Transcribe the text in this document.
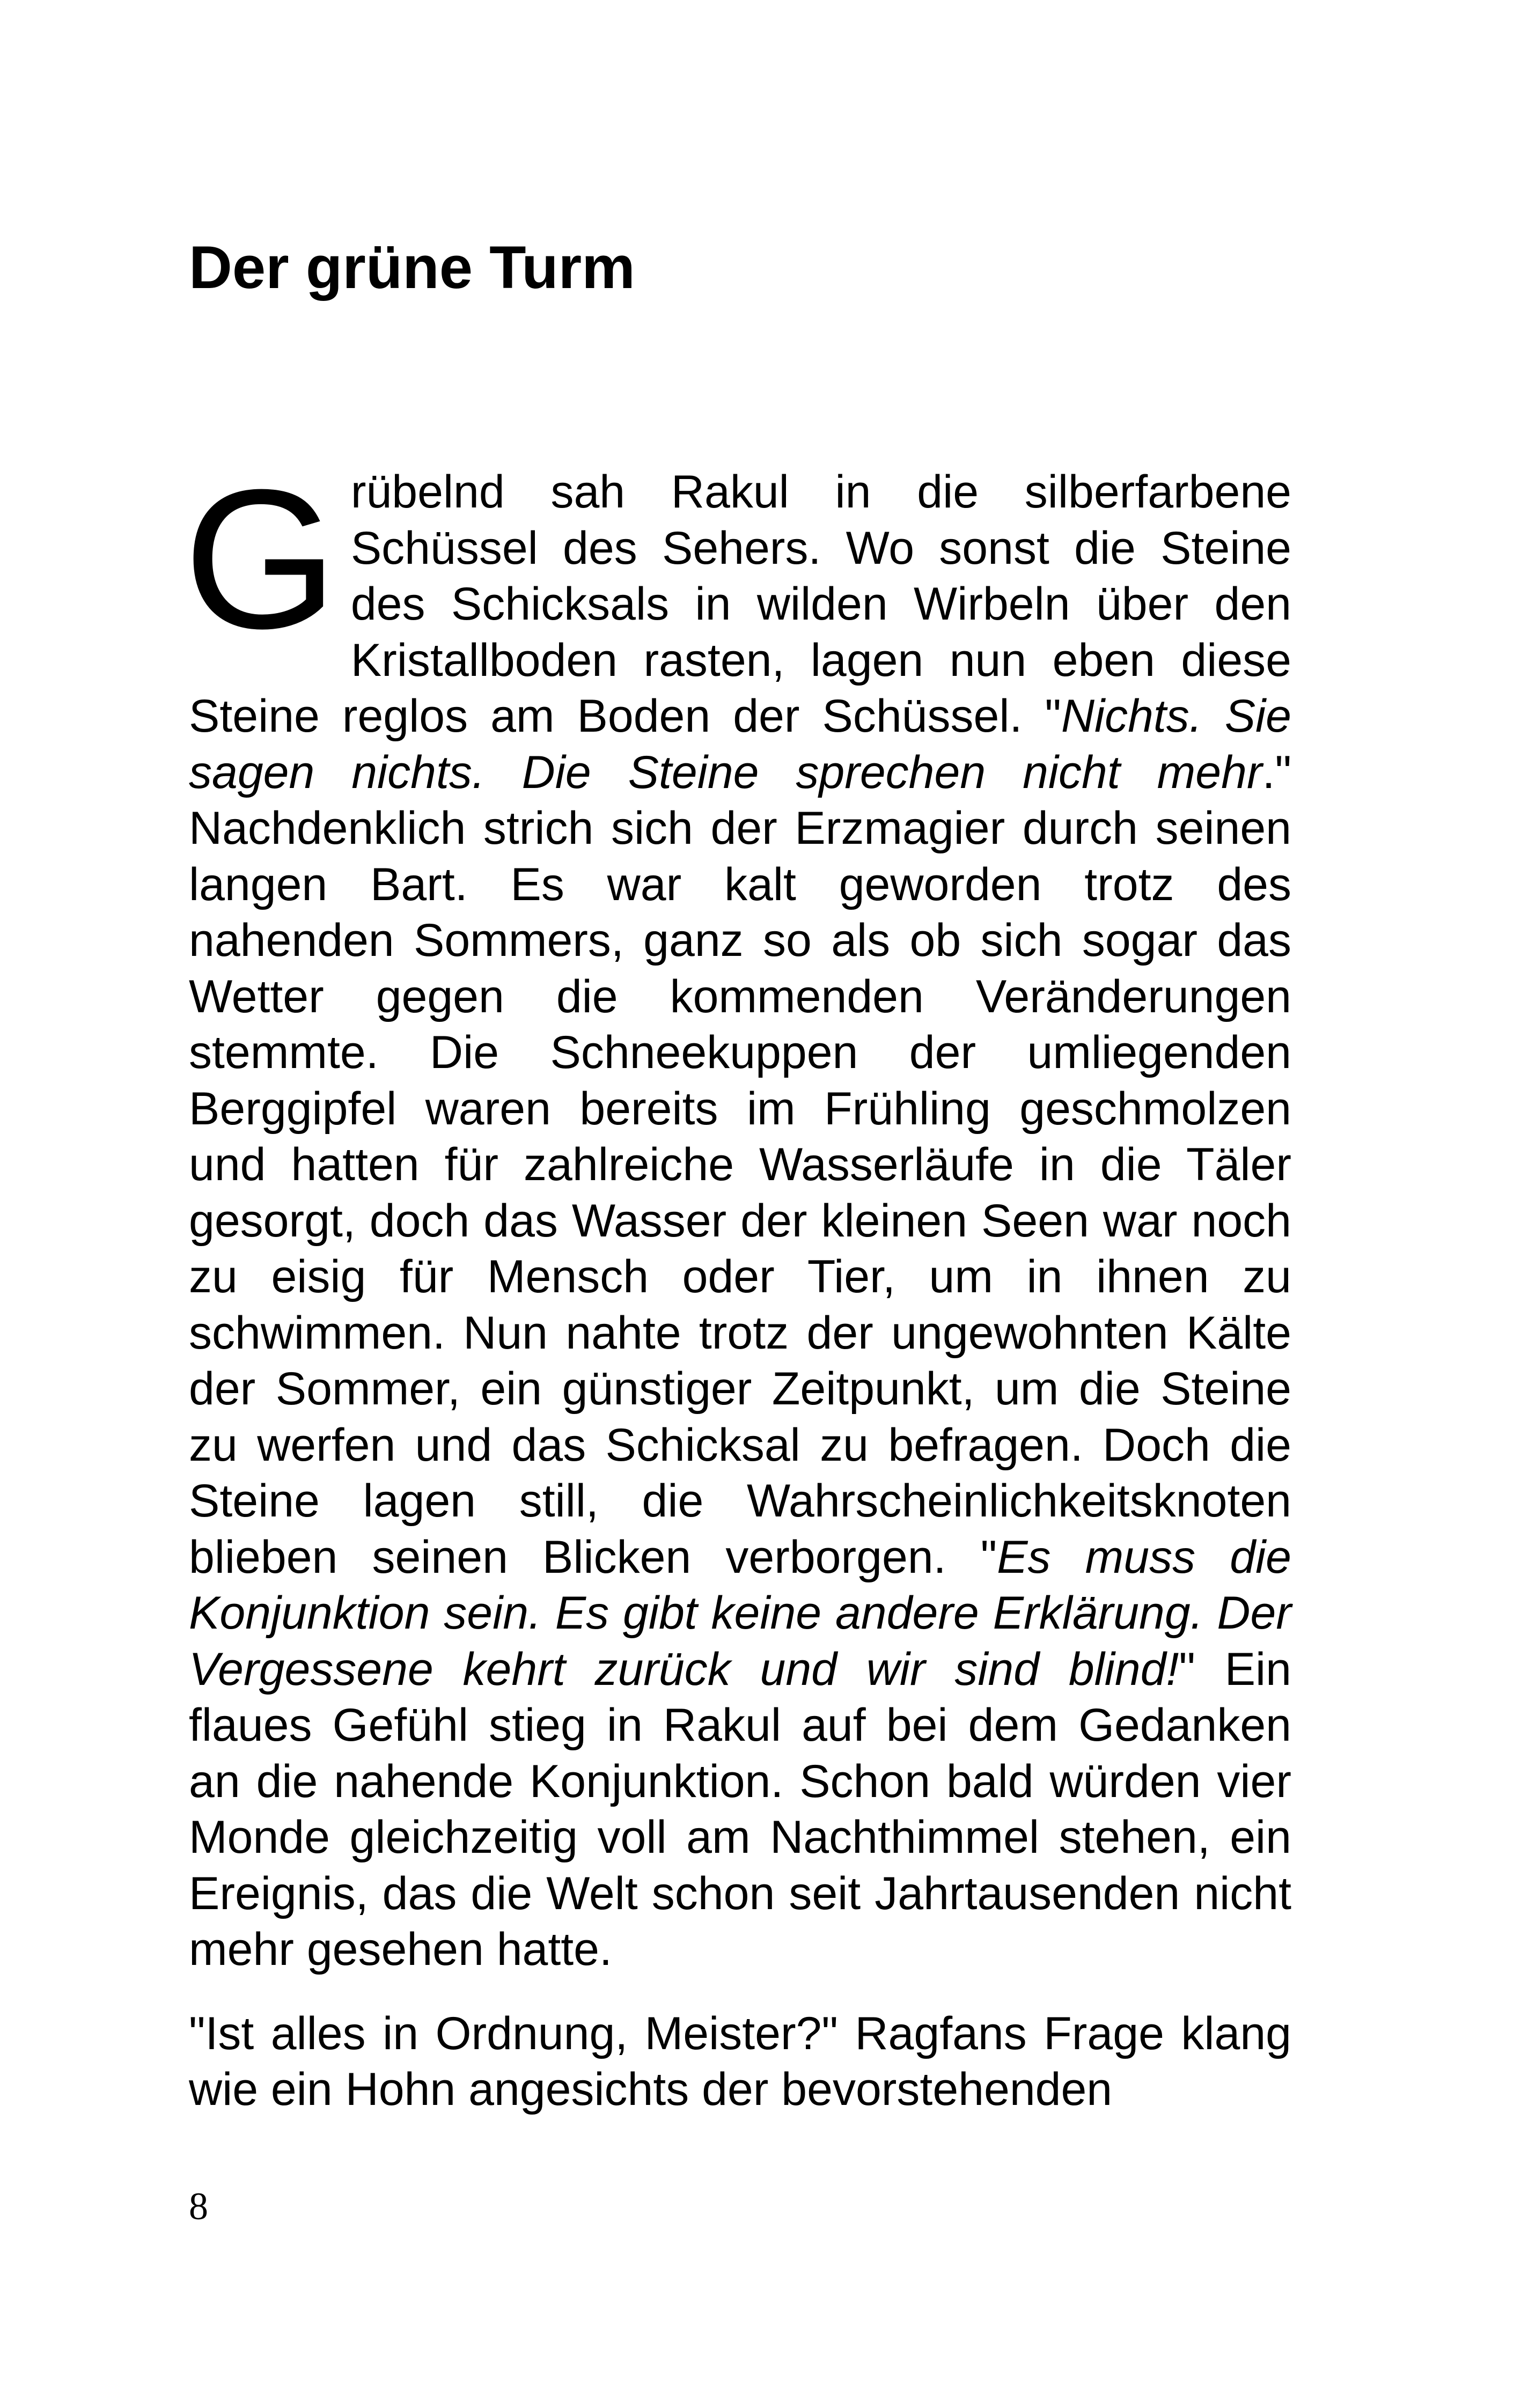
Der grüne Turm

Grübelnd sah Rakul in die silberfarbene Schüssel des Sehers. Wo sonst die Steine des Schicksals in wilden Wirbeln über den Kristallboden rasten, lagen nun eben diese Steine reglos am Boden der Schüssel. "Nichts. Sie sagen nichts. Die Steine sprechen nicht mehr." Nachdenklich strich sich der Erzmagier durch seinen langen Bart. Es war kalt geworden trotz des nahenden Sommers, ganz so als ob sich sogar das Wetter gegen die kommenden Veränderungen stemmte. Die Schneekuppen der umliegenden Berggipfel waren bereits im Frühling geschmolzen und hatten für zahlreiche Wasserläufe in die Täler gesorgt, doch das Wasser der kleinen Seen war noch zu eisig für Mensch oder Tier, um in ihnen zu schwimmen. Nun nahte trotz der ungewohnten Kälte der Sommer, ein günstiger Zeitpunkt, um die Steine zu werfen und das Schicksal zu befragen. Doch die Steine lagen still, die Wahrscheinlichkeitsknoten blieben seinen Blicken verborgen. "Es muss die Konjunktion sein. Es gibt keine andere Erklärung. Der Vergessene kehrt zurück und wir sind blind!" Ein flaues Gefühl stieg in Rakul auf bei dem Gedanken an die nahende Konjunktion. Schon bald würden vier Monde gleichzeitig voll am Nachthimmel stehen, ein Ereignis, das die Welt schon seit Jahrtausenden nicht mehr gesehen hatte.

"Ist alles in Ordnung, Meister?" Ragfans Frage klang wie ein Hohn angesichts der bevorstehenden

8
